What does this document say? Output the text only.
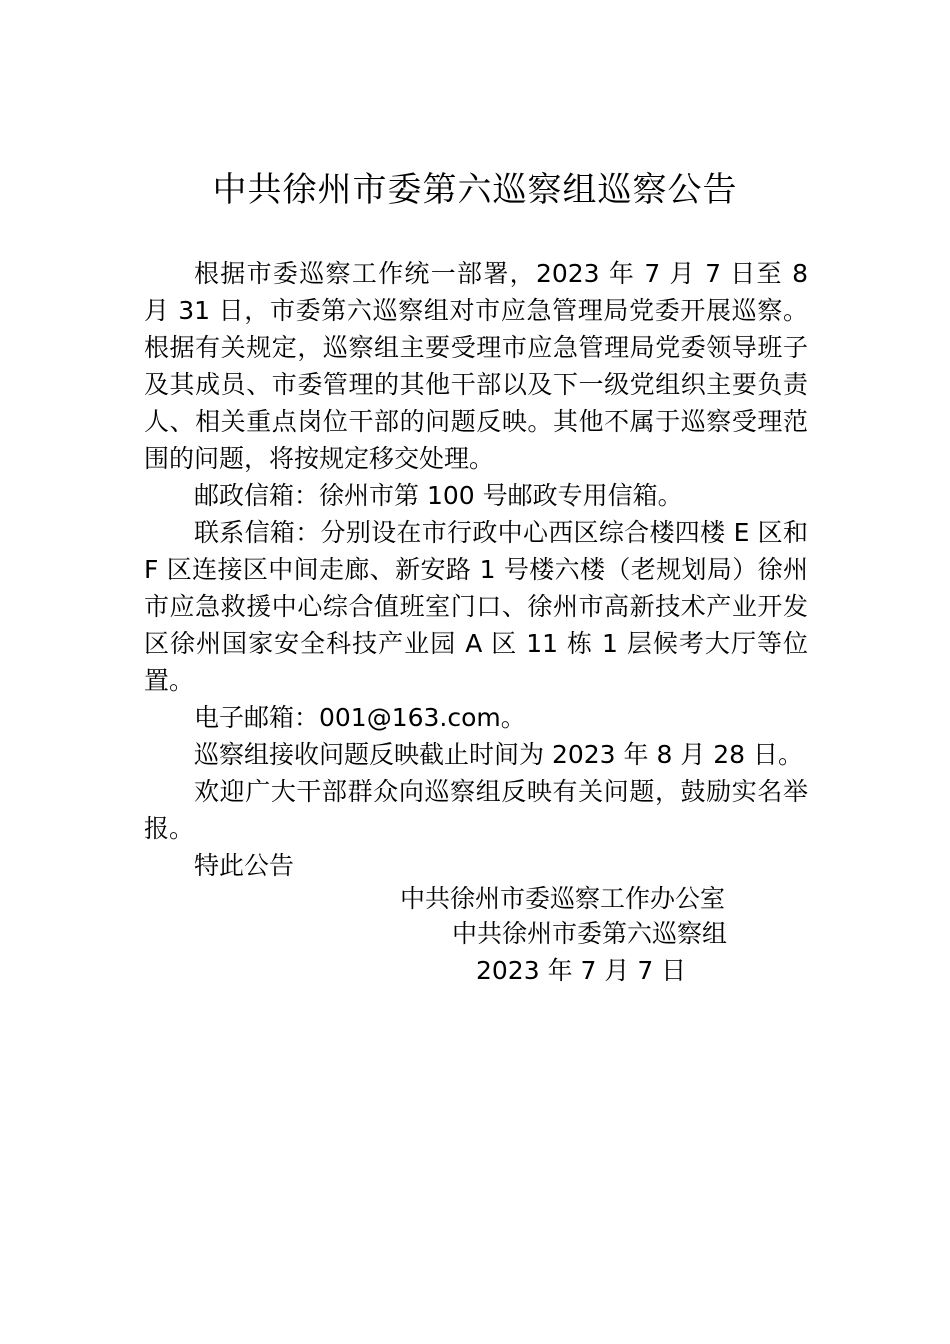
中共徐州市委第六巡察组巡察公告

根据市委巡察工作统一部署，2023 年 7 月 7 日至 8 月 31 日，市委第六巡察组对市应急管理局党委开展巡察。根据有关规定，巡察组主要受理市应急管理局党委领导班子及其成员、市委管理的其他干部以及下一级党组织主要负责人、相关重点岗位干部的问题反映。其他不属于巡察受理范围的问题，将按规定移交处理。

邮政信箱：徐州市第 100 号邮政专用信箱。

联系信箱：分别设在市行政中心西区综合楼四楼 E 区和 F 区连接区中间走廊、新安路 1 号楼六楼（老规划局）徐州市应急救援中心综合值班室门口、徐州市高新技术产业开发区徐州国家安全科技产业园 A 区 11 栋 1 层候考大厅等位置。

电子邮箱：001@163.com。

巡察组接收问题反映截止时间为 2023 年 8 月 28 日。

欢迎广大干部群众向巡察组反映有关问题，鼓励实名举报。

特此公告

中共徐州市委巡察工作办公室
中共徐州市委第六巡察组
2023 年 7 月 7 日
